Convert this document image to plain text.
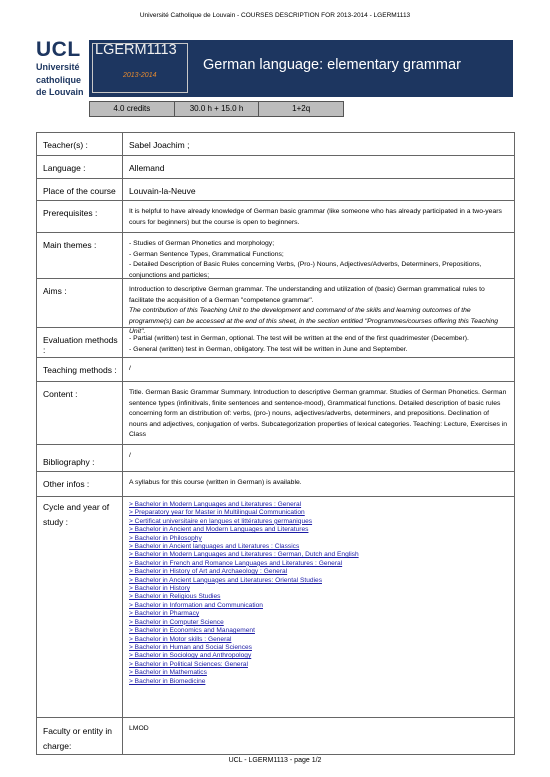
Université Catholique de Louvain - COURSES DESCRIPTION FOR 2013-2014 - LGERM1113
UCL
Université
catholique
de Louvain
LGERM1113
2013-2014
German language: elementary grammar
4.0 credits	30.0 h + 15.0 h	1+2q
Teacher(s) :	Sabel Joachim ;
Language :	Allemand
Place of the course	Louvain-la-Neuve
Prerequisites :	It is helpful to have already knowledge of German basic grammar (like someone who has already participated in a two-years cours for beginners) but the course is open to beginners.
Main themes :	- Studies of German Phonetics and morphology;
- German Sentence Types, Grammatical Functions;
- Detailed Description of Basic Rules concerning Verbs, (Pro-) Nouns, Adjectives/Adverbs, Determiners, Prepositions, conjunctions and particles;
Aims :	Introduction to descriptive German grammar. The understanding and utilization of (basic) German grammatical rules to facilitate the acquisition of a German "competence grammar".
The contribution of this Teaching Unit to the development and command of the skills and learning outcomes of the programme(s) can be accessed at the end of this sheet, in the section entitled "Programmes/courses offering this Teaching Unit".
Evaluation methods :
- Partial (written) test in German, optional. The test will be written at the end of the first quadrimester (December).
- General (written) test in German, obligatory. The test will be written in June and September.
Teaching methods :	/
Content :	Title. German Basic Grammar Summary. Introduction to descriptive German grammar. Studies of German Phonetics. German sentence types (infinitivals, finite sentences and sentence-mood), Grammatical functions. Detailed description of basic rules concerning form an distribution of: verbs, (pro-) nouns, adjectives/adverbs, determiners, and prepositions. Declination of nouns and adjectives, conjugation of verbs. Subcategorization properties of lexical categories. Teaching: Lecture, Exercises in Class
Bibliography :
/
Other infos :	A syllabus for this course (written in German) is available.
Cycle and year of study :
> Bachelor in Modern Languages and Literatures : General
> Preparatory year for Master in Multilingual Communication
> Certificat universitaire en langues et littératures germaniques
> Bachelor in Ancient and Modern Languages and Literatures
> Bachelor in Philosophy
> Bachelor in Ancient languages and Literatures : Classics
> Bachelor in Modern Languages and Literatures : German, Dutch and English
> Bachelor in French and Romance Languages and Literatures : General
> Bachelor in History of Art and Archaeology : General
> Bachelor in Ancient Languages and Literatures: Oriental Studies
> Bachelor in History
> Bachelor in Religious Studies
> Bachelor in Information and Communication
> Bachelor in Pharmacy
> Bachelor in Computer Science
> Bachelor in Economics and Management
> Bachelor in Motor skills : General
> Bachelor in Human and Social Sciences
> Bachelor in Sociology and Anthropology
> Bachelor in Political Sciences: General
> Bachelor in Mathematics
> Bachelor in Biomedicine
Faculty or entity in charge:
LMOD
UCL - LGERM1113 - page 1/2
